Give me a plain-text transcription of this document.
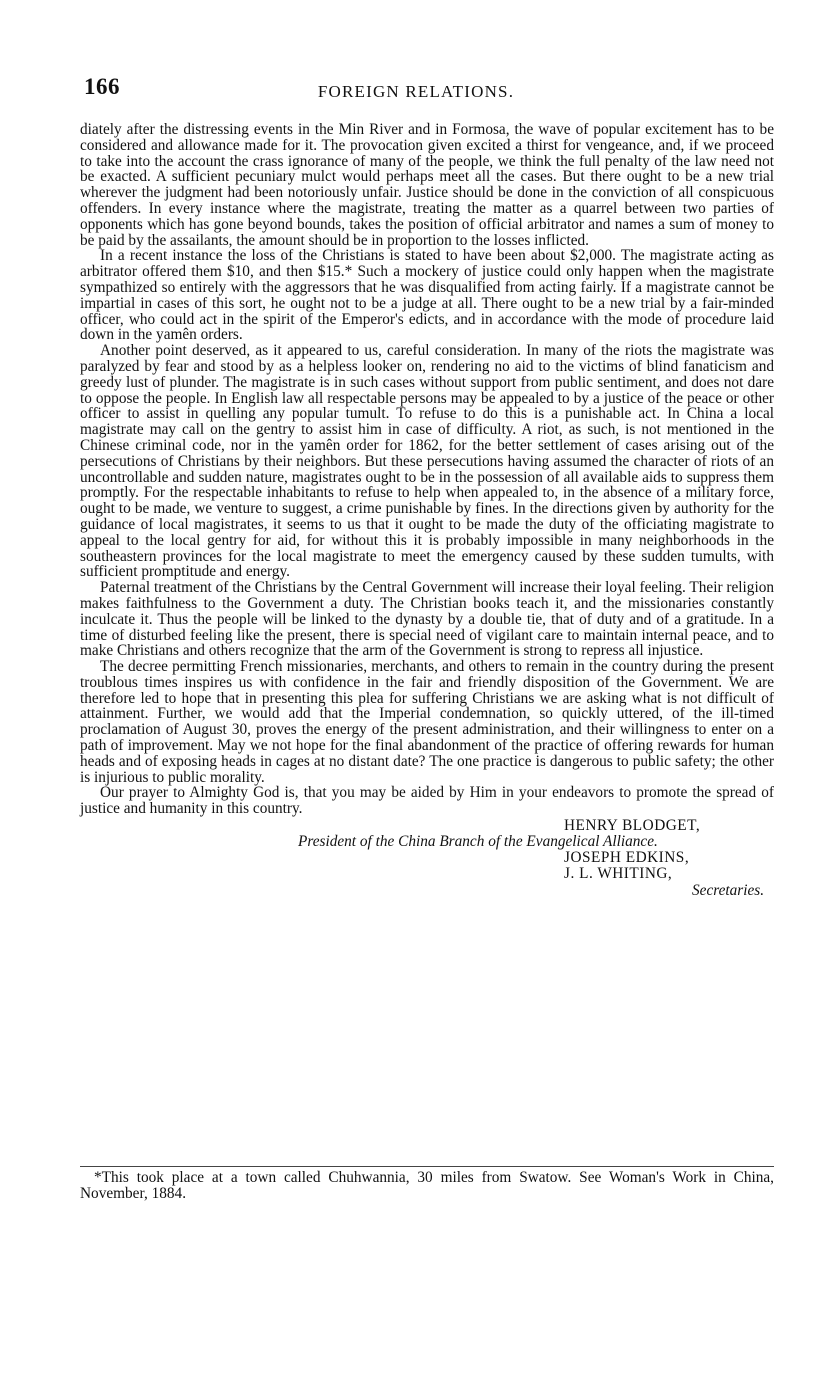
166	FOREIGN RELATIONS.

diately after the distressing events in the Min River and in Formosa, the wave of popular excitement has to be considered and allowance made for it. The provocation given excited a thirst for vengeance, and, if we proceed to take into the account the crass ignorance of many of the people, we think the full penalty of the law need not be exacted. A sufficient pecuniary mulct would perhaps meet all the cases. But there ought to be a new trial wherever the judgment had been notoriously unfair. Justice should be done in the conviction of all conspicuous offenders. In every instance where the magistrate, treating the matter as a quarrel between two parties of opponents which has gone beyond bounds, takes the position of official arbitrator and names a sum of money to be paid by the assailants, the amount should be in proportion to the losses inflicted.

In a recent instance the loss of the Christians is stated to have been about $2,000. The magistrate acting as arbitrator offered them $10, and then $15.* Such a mockery of justice could only happen when the magistrate sympathized so entirely with the aggressors that he was disqualified from acting fairly. If a magistrate cannot be impartial in cases of this sort, he ought not to be a judge at all. There ought to be a new trial by a fair-minded officer, who could act in the spirit of the Emperor's edicts, and in accordance with the mode of procedure laid down in the yamên orders.

Another point deserved, as it appeared to us, careful consideration. In many of the riots the magistrate was paralyzed by fear and stood by as a helpless looker on, rendering no aid to the victims of blind fanaticism and greedy lust of plunder. The magistrate is in such cases without support from public sentiment, and does not dare to oppose the people. In English law all respectable persons may be appealed to by a justice of the peace or other officer to assist in quelling any popular tumult. To refuse to do this is a punishable act. In China a local magistrate may call on the gentry to assist him in case of difficulty. A riot, as such, is not mentioned in the Chinese criminal code, nor in the yamên order for 1862, for the better settlement of cases arising out of the persecutions of Christians by their neighbors. But these persecutions having assumed the character of riots of an uncontrollable and sudden nature, magistrates ought to be in the possession of all available aids to suppress them promptly. For the respectable inhabitants to refuse to help when appealed to, in the absence of a military force, ought to be made, we venture to suggest, a crime punishable by fines. In the directions given by authority for the guidance of local magistrates, it seems to us that it ought to be made the duty of the officiating magistrate to appeal to the local gentry for aid, for without this it is probably impossible in many neighborhoods in the southeastern provinces for the local magistrate to meet the emergency caused by these sudden tumults, with sufficient promptitude and energy.

Paternal treatment of the Christians by the Central Government will increase their loyal feeling. Their religion makes faithfulness to the Government a duty. The Christian books teach it, and the missionaries constantly inculcate it. Thus the people will be linked to the dynasty by a double tie, that of duty and of a gratitude. In a time of disturbed feeling like the present, there is special need of vigilant care to maintain internal peace, and to make Christians and others recognize that the arm of the Government is strong to repress all injustice.

The decree permitting French missionaries, merchants, and others to remain in the country during the present troublous times inspires us with confidence in the fair and friendly disposition of the Government. We are therefore led to hope that in presenting this plea for suffering Christians we are asking what is not difficult of attainment. Further, we would add that the Imperial condemnation, so quickly uttered, of the ill-timed proclamation of August 30, proves the energy of the present administration, and their willingness to enter on a path of improvement. May we not hope for the final abandonment of the practice of offering rewards for human heads and of exposing heads in cages at no distant date? The one practice is dangerous to public safety; the other is injurious to public morality.

Our prayer to Almighty God is, that you may be aided by Him in your endeavors to promote the spread of justice and humanity in this country.

HENRY BLODGET,
President of the China Branch of the Evangelical Alliance.
JOSEPH EDKINS,
J. L. WHITING,
Secretaries.

*This took place at a town called Chuhwannia, 30 miles from Swatow. See Woman's Work in China, November, 1884.
